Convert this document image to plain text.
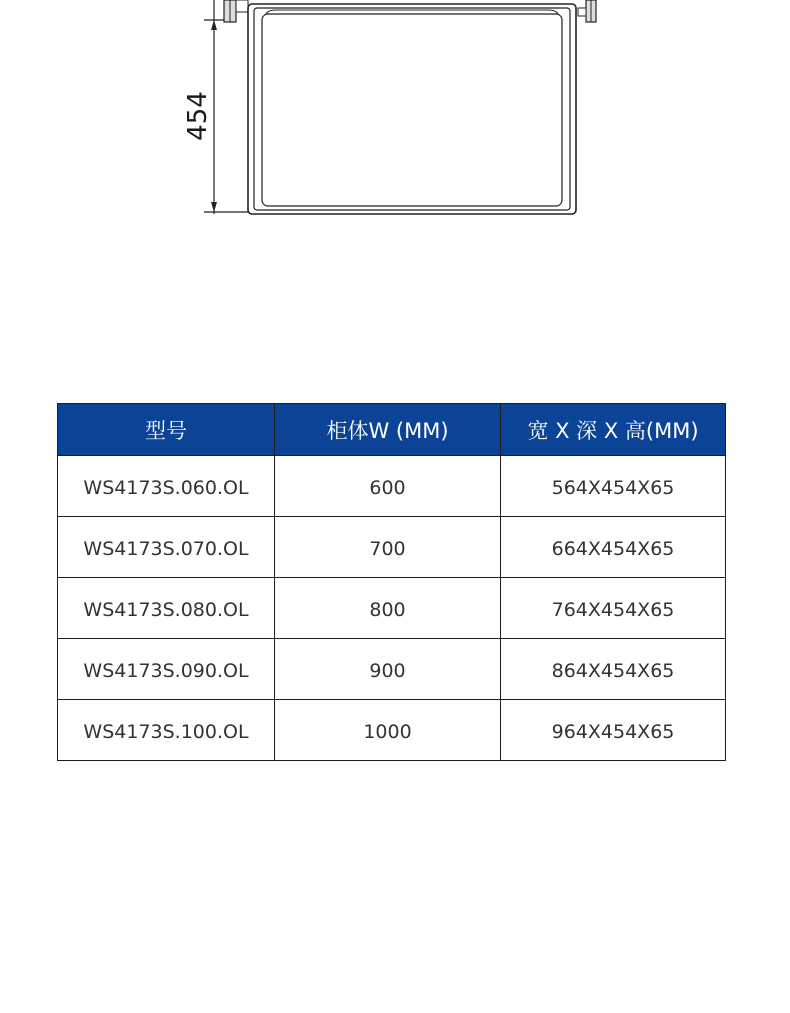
454
型号	柜体W (MM)	宽 X 深 X 高(MM)
WS4173S.060.OL	600	564X454X65
WS4173S.070.OL	700	664X454X65
WS4173S.080.OL	800	764X454X65
WS4173S.090.OL	900	864X454X65
WS4173S.100.OL	1000	964X454X65
